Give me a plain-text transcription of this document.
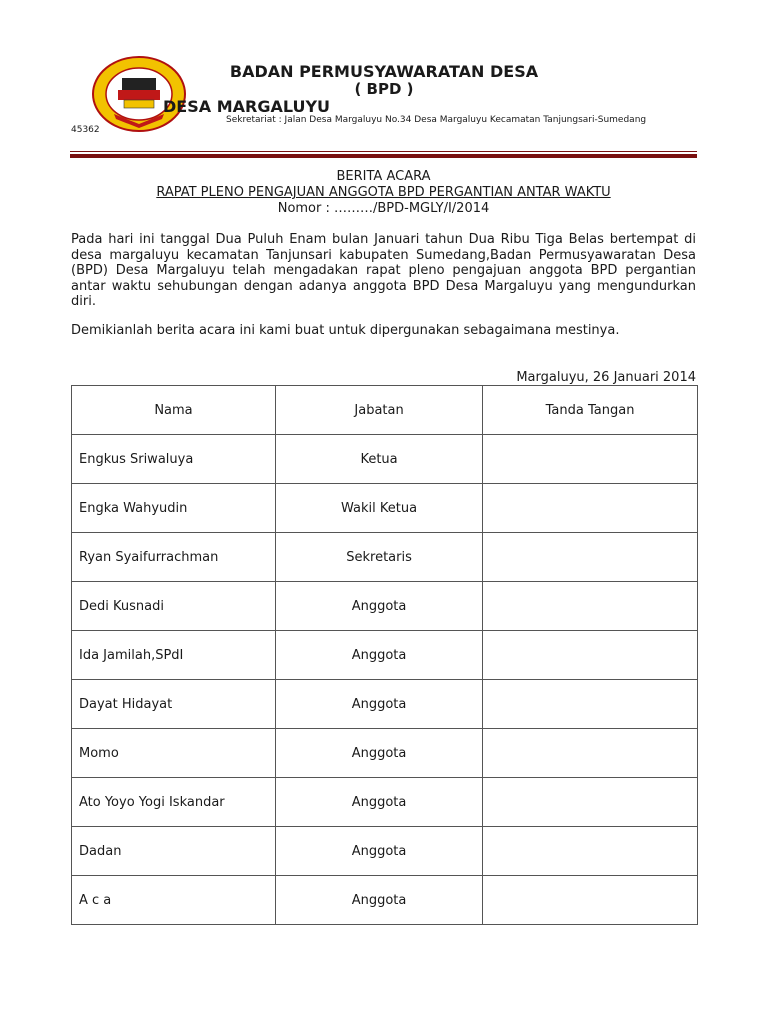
BADAN PERMUSYAWARATAN DESA
( BPD )
DESA MARGALUYU
Sekretariat : Jalan Desa Margaluyu No.34 Desa Margaluyu Kecamatan Tanjungsari-Sumedang
45362
BERITA ACARA
RAPAT PLENO PENGAJUAN ANGGOTA BPD PERGANTIAN ANTAR WAKTU
Nomor : ………/BPD-MGLY/I/2014
Pada hari ini tanggal Dua Puluh Enam bulan Januari tahun Dua Ribu Tiga Belas bertempat di desa margaluyu kecamatan Tanjunsari kabupaten Sumedang,Badan Permusyawaratan Desa (BPD) Desa Margaluyu telah mengadakan rapat pleno pengajuan anggota BPD pergantian antar waktu sehubungan dengan adanya anggota BPD Desa Margaluyu yang mengundurkan diri.
Demikianlah berita acara ini kami buat untuk dipergunakan sebagaimana mestinya.
Margaluyu, 26 Januari 2014
Nama	Jabatan	Tanda Tangan
Engkus Sriwaluya	Ketua	
Engka Wahyudin	Wakil Ketua	
Ryan Syaifurrachman	Sekretaris	
Dedi Kusnadi	Anggota	
Ida Jamilah,SPdI	Anggota	
Dayat Hidayat	Anggota	
Momo	Anggota	
Ato Yoyo Yogi Iskandar	Anggota	
Dadan	Anggota	
A c a	Anggota	
